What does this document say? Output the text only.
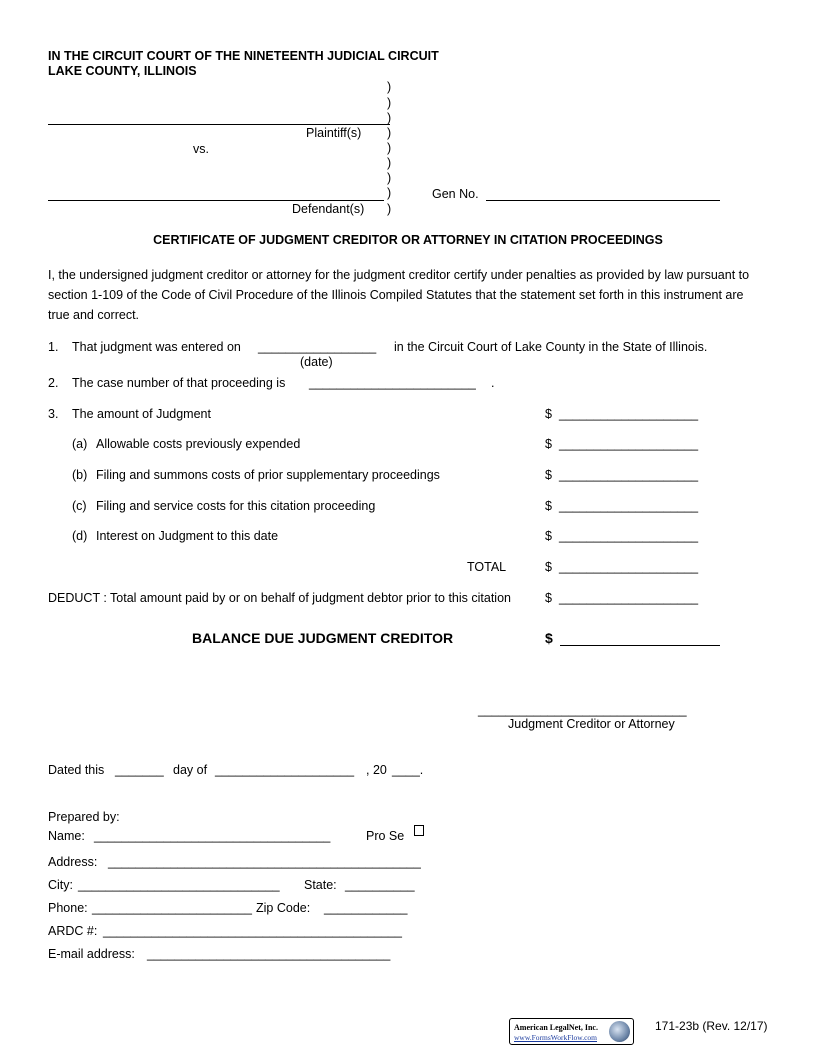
IN THE CIRCUIT COURT OF THE NINETEENTH JUDICIAL CIRCUIT
LAKE COUNTY, ILLINOIS
)
)
)
)
)
)
)
)
)
Plaintiff(s)
vs.
Defendant(s)
Gen No.
CERTIFICATE OF JUDGMENT CREDITOR OR ATTORNEY IN CITATION PROCEEDINGS
I, the undersigned judgment creditor or attorney for the judgment creditor certify under penalties as provided by law pursuant to section 1-109 of the Code of Civil Procedure of the Illinois Compiled Statutes that the statement set forth in this instrument are true and correct.
1. That judgment was entered on _________________ in the Circuit Court of Lake County in the State of Illinois.
(date)
2. The case number of that proceeding is ________________________ .
3. The amount of Judgment	$ ____________________
(a) Allowable costs previously expended	$ ____________________
(b) Filing and summons costs of prior supplementary proceedings	$ ____________________
(c) Filing and service costs for this citation proceeding	$ ____________________
(d) Interest on Judgment to this date	$ ____________________
TOTAL	$ ____________________
DEDUCT : Total amount paid by or on behalf of judgment debtor prior to this citation	$ ____________________
BALANCE DUE JUDGMENT CREDITOR	$
______________________________
Judgment Creditor or Attorney
Dated this _______ day of ____________________ , 20 ____.
Prepared by:
Name: __________________________________	Pro Se
Address: _____________________________________________
City: _____________________________ State: __________
Phone: _______________________ Zip Code: ____________
ARDC #: ___________________________________________
E-mail address: ___________________________________
American LegalNet, Inc.
www.FormsWorkFlow.com
171-23b (Rev. 12/17)
